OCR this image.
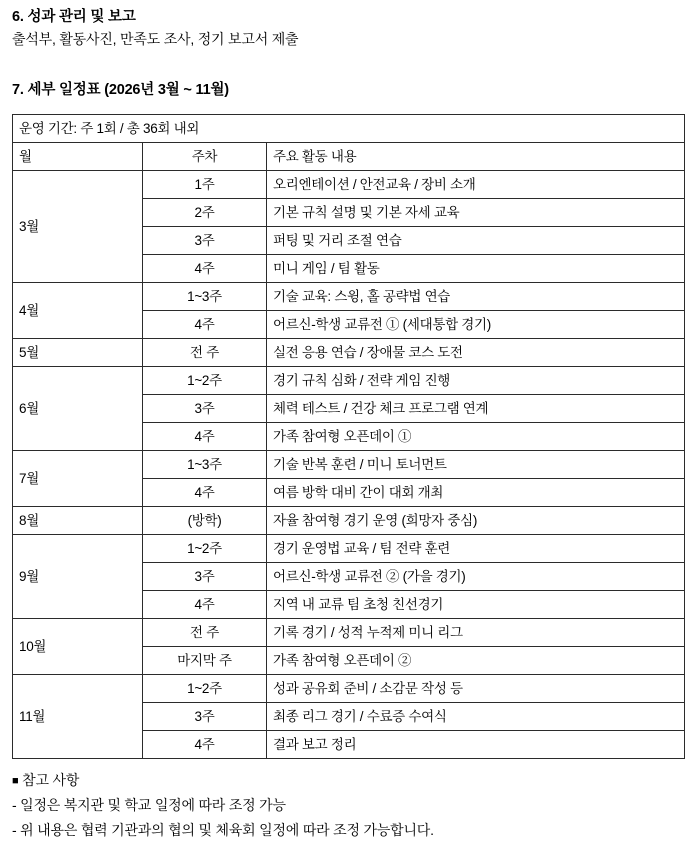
6. 성과 관리 및 보고

출석부, 활동사진, 만족도 조사, 정기 보고서 제출

7. 세부 일정표 (2026년 3월 ~ 11월)
운영 기간: 주 1회 / 총 36회 내외		
월	주차	주요 활동 내용
3월	1주	오리엔테이션 / 안전교육 / 장비 소개
	2주	기본 규칙 설명 및 기본 자세 교육
	3주	퍼팅 및 거리 조절 연습
	4주	미니 게임 / 팀 활동
4월	1~3주	기술 교육: 스윙, 홀 공략법 연습
	4주	어르신-학생 교류전 ① (세대통합 경기)
5월	전 주	실전 응용 연습 / 장애물 코스 도전
6월	1~2주	경기 규칙 심화 / 전략 게임 진행
	3주	체력 테스트 / 건강 체크 프로그램 연계
	4주	가족 참여형 오픈데이 ①
7월	1~3주	기술 반복 훈련 / 미니 토너먼트
	4주	여름 방학 대비 간이 대회 개최
8월	(방학)	자율 참여형 경기 운영 (희망자 중심)
9월	1~2주	경기 운영법 교육 / 팀 전략 훈련
	3주	어르신-학생 교류전 ② (가을 경기)
	4주	지역 내 교류 팀 초청 친선경기
10월	전 주	기록 경기 / 성적 누적제 미니 리그
	마지막 주	가족 참여형 오픈데이 ②
11월	1~2주	성과 공유회 준비 / 소감문 작성 등
	3주	최종 리그 경기 / 수료증 수여식
	4주	결과 보고 정리
■ 참고 사항
- 일정은 복지관 및 학교 일정에 따라 조정 가능
- 위 내용은 협력 기관과의 협의 및 체육회 일정에 따라 조정 가능합니다.
